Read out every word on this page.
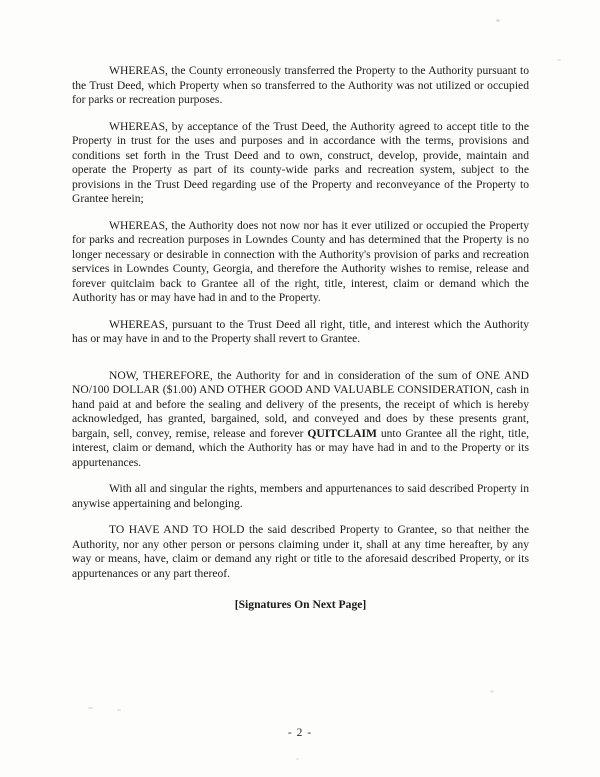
WHEREAS, the County erroneously transferred the Property to the Authority pursuant to the Trust Deed, which Property when so transferred to the Authority was not utilized or occupied for parks or recreation purposes.

WHEREAS, by acceptance of the Trust Deed, the Authority agreed to accept title to the Property in trust for the uses and purposes and in accordance with the terms, provisions and conditions set forth in the Trust Deed and to own, construct, develop, provide, maintain and operate the Property as part of its county-wide parks and recreation system, subject to the provisions in the Trust Deed regarding use of the Property and reconveyance of the Property to Grantee herein;

WHEREAS, the Authority does not now nor has it ever utilized or occupied the Property for parks and recreation purposes in Lowndes County and has determined that the Property is no longer necessary or desirable in connection with the Authority's provision of parks and recreation services in Lowndes County, Georgia, and therefore the Authority wishes to remise, release and forever quitclaim back to Grantee all of the right, title, interest, claim or demand which the Authority has or may have had in and to the Property.

WHEREAS, pursuant to the Trust Deed all right, title, and interest which the Authority has or may have in and to the Property shall revert to Grantee.

NOW, THEREFORE, the Authority for and in consideration of the sum of ONE AND NO/100 DOLLAR ($1.00) AND OTHER GOOD AND VALUABLE CONSIDERATION, cash in hand paid at and before the sealing and delivery of the presents, the receipt of which is hereby acknowledged, has granted, bargained, sold, and conveyed and does by these presents grant, bargain, sell, convey, remise, release and forever QUITCLAIM unto Grantee all the right, title, interest, claim or demand, which the Authority has or may have had in and to the Property or its appurtenances.

With all and singular the rights, members and appurtenances to said described Property in anywise appertaining and belonging.

TO HAVE AND TO HOLD the said described Property to Grantee, so that neither the Authority, nor any other person or persons claiming under it, shall at any time hereafter, by any way or means, have, claim or demand any right or title to the aforesaid described Property, or its appurtenances or any part thereof.

[Signatures On Next Page]

- 2 -
